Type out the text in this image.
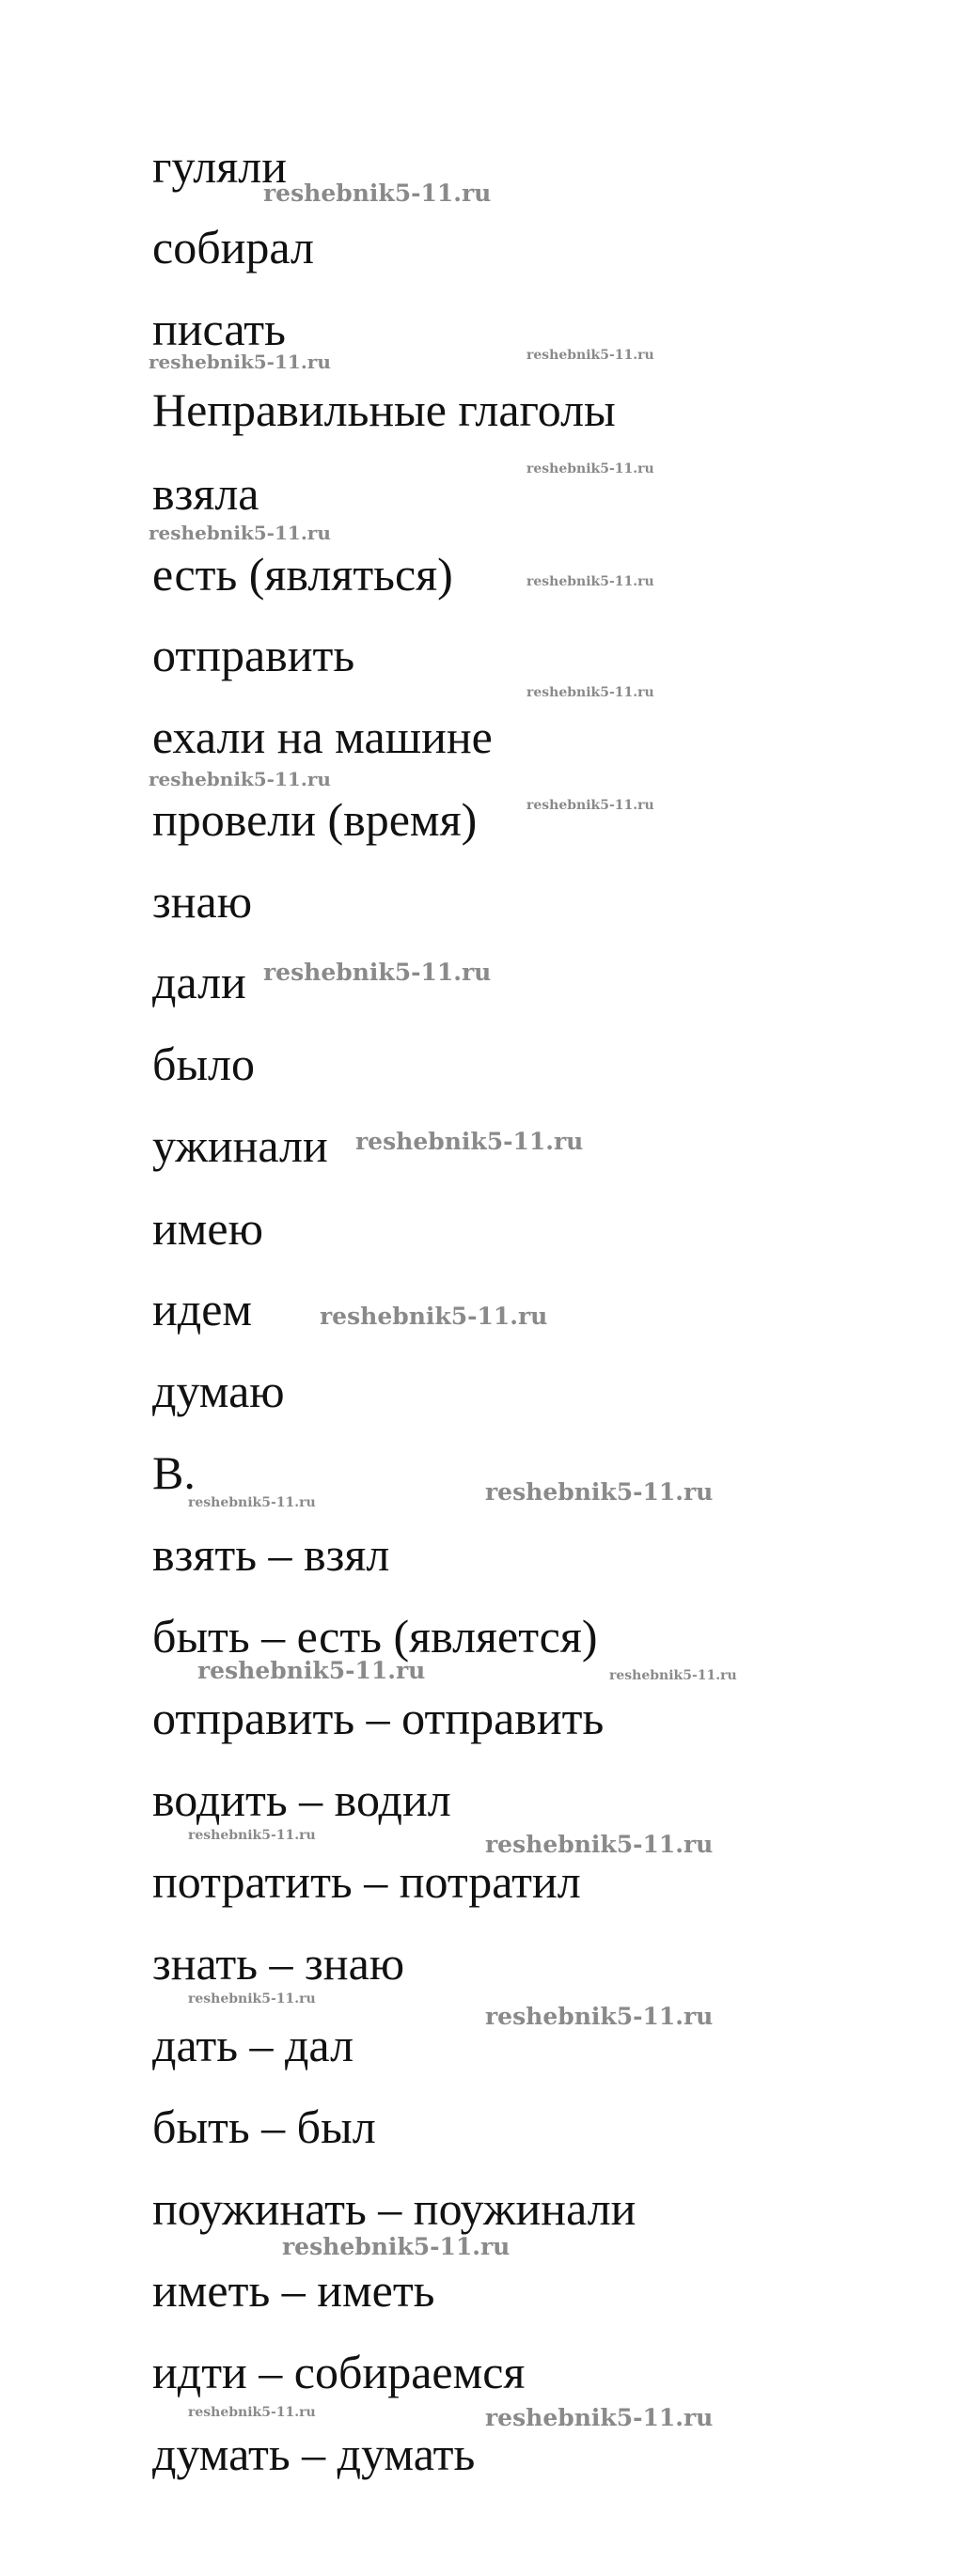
гуляли
собирал
писать
Неправильные глаголы
взяла
есть (являться)
отправить
ехали на машине
провели (время)
знаю
дали
было
ужинали
имею
идем
думаю
B.
взять – взял
быть – есть (является)
отправить – отправить
водить – водил
потратить – потратил
знать – знаю
дать – дал
быть – был
поужинать – поужинали
иметь – иметь
идти – собираемся
думать – думать
reshebnik5-11.ru
reshebnik5-11.ru	reshebnik5-11.ru
reshebnik5-11.ru
reshebnik5-11.ru
reshebnik5-11.ru
reshebnik5-11.ru
reshebnik5-11.ru
reshebnik5-11.ru
reshebnik5-11.ru
reshebnik5-11.ru
reshebnik5-11.ru
reshebnik5-11.ru	reshebnik5-11.ru
reshebnik5-11.ru	reshebnik5-11.ru
reshebnik5-11.ru	reshebnik5-11.ru
reshebnik5-11.ru
reshebnik5-11.ru
reshebnik5-11.ru
reshebnik5-11.ru	reshebnik5-11.ru
